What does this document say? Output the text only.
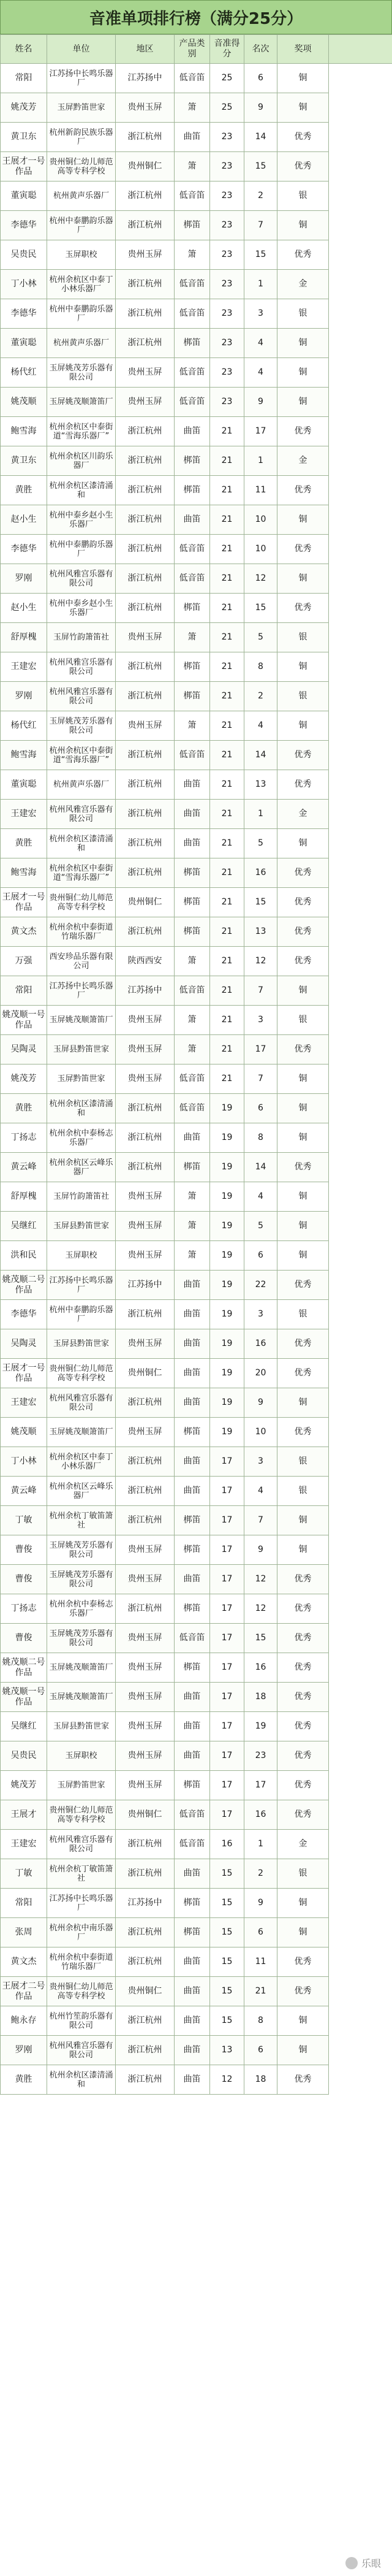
音准单项排行榜（满分25分）
姓名	单位	地区	产品类别	音准得分	名次	奖项	
常阳	江苏扬中长鸣乐器厂	江苏扬中	低音笛	25	6	铜	
姚茂芳	玉屏黔笛世家	贵州玉屏	箫	25	9	铜	
黄卫东	杭州新韵民族乐器厂	浙江杭州	曲笛	23	14	优秀	
王展才一号作品	贵州铜仁幼儿师范高等专科学校	贵州铜仁	箫	23	15	优秀	
董寅聪	杭州黄声乐器厂	浙江杭州	低音笛	23	2	银	
李德华	杭州中泰鹏韵乐器厂	浙江杭州	梆笛	23	7	铜	
吴贵民	玉屏职校	贵州玉屏	箫	23	15	优秀	
丁小林	杭州余杭区中泰丁小林乐器厂	浙江杭州	低音笛	23	1	金	
李德华	杭州中泰鹏韵乐器厂	浙江杭州	低音笛	23	3	银	
董寅聪	杭州黄声乐器厂	浙江杭州	梆笛	23	4	铜	
杨代红	玉屏姚茂芳乐器有限公司	贵州玉屏	低音笛	23	4	铜	
姚茂顺	玉屏姚茂顺箫笛厂	贵州玉屏	低音笛	23	9	铜	
鲍雪海	杭州余杭区中泰街道“雪海乐器厂”	浙江杭州	曲笛	21	17	优秀	
黄卫东	杭州余杭区川韵乐器厂	浙江杭州	梆笛	21	1	金	
黄胜	杭州余杭区漆清涌和	浙江杭州	梆笛	21	11	优秀	
赵小生	杭州中泰乡赵小生乐器厂	浙江杭州	曲笛	21	10	铜	
李德华	杭州中泰鹏韵乐器厂	浙江杭州	低音笛	21	10	优秀	
罗刚	杭州风雅宫乐器有限公司	浙江杭州	低音笛	21	12	铜	
赵小生	杭州中泰乡赵小生乐器厂	浙江杭州	梆笛	21	15	优秀	
舒厚槐	玉屏竹韵箫笛社	贵州玉屏	箫	21	5	银	
王建宏	杭州风雅宫乐器有限公司	浙江杭州	梆笛	21	8	铜	
罗刚	杭州风雅宫乐器有限公司	浙江杭州	梆笛	21	2	银	
杨代红	玉屏姚茂芳乐器有限公司	贵州玉屏	箫	21	4	铜	
鲍雪海	杭州余杭区中泰街道“雪海乐器厂”	浙江杭州	低音笛	21	14	优秀	
董寅聪	杭州黄声乐器厂	浙江杭州	曲笛	21	13	优秀	
王建宏	杭州风雅宫乐器有限公司	浙江杭州	曲笛	21	1	金	
黄胜	杭州余杭区漆清涌和	浙江杭州	曲笛	21	5	铜	
鲍雪海	杭州余杭区中泰街道“雪海乐器厂”	浙江杭州	梆笛	21	16	优秀	
王展才一号作品	贵州铜仁幼儿师范高等专科学校	贵州铜仁	梆笛	21	15	优秀	
黄文杰	杭州余杭中泰街道竹瑞乐器厂	浙江杭州	梆笛	21	13	优秀	
万强	西安珍品乐器有限公司	陕西西安	箫	21	12	优秀	
常阳	江苏扬中长鸣乐器厂	江苏扬中	低音笛	21	7	铜	
姚茂顺一号作品	玉屏姚茂顺箫笛厂	贵州玉屏	箫	21	3	银	
吴陶灵	玉屏县黔笛世家	贵州玉屏	箫	21	17	优秀	
姚茂芳	玉屏黔笛世家	贵州玉屏	低音笛	21	7	铜	
黄胜	杭州余杭区漆清涌和	浙江杭州	低音笛	19	6	铜	
丁扬志	杭州余杭中泰杨志乐器厂	浙江杭州	曲笛	19	8	铜	
黄云峰	杭州余杭区云峰乐器厂	浙江杭州	梆笛	19	14	优秀	
舒厚槐	玉屏竹韵箫笛社	贵州玉屏	箫	19	4	铜	
吴继红	玉屏县黔笛世家	贵州玉屏	箫	19	5	铜	
洪和民	玉屏职校	贵州玉屏	箫	19	6	铜	
姚茂顺二号作品	江苏扬中长鸣乐器厂	江苏扬中	曲笛	19	22	优秀	
李德华	杭州中泰鹏韵乐器厂	浙江杭州	曲笛	19	3	银	
吴陶灵	玉屏县黔笛世家	贵州玉屏	曲笛	19	16	优秀	
王展才一号作品	贵州铜仁幼儿师范高等专科学校	贵州铜仁	曲笛	19	20	优秀	
王建宏	杭州风雅宫乐器有限公司	浙江杭州	曲笛	19	9	铜	
姚茂顺	玉屏姚茂顺箫笛厂	贵州玉屏	梆笛	19	10	优秀	
丁小林	杭州余杭区中泰丁小林乐器厂	浙江杭州	曲笛	17	3	银	
黄云峰	杭州余杭区云峰乐器厂	浙江杭州	曲笛	17	4	银	
丁敏	杭州余杭丁敏笛箫社	浙江杭州	梆笛	17	7	铜	
曹俊	玉屏姚茂芳乐器有限公司	贵州玉屏	梆笛	17	9	铜	
曹俊	玉屏姚茂芳乐器有限公司	贵州玉屏	曲笛	17	12	优秀	
丁扬志	杭州余杭中泰杨志乐器厂	浙江杭州	梆笛	17	12	优秀	
曹俊	玉屏姚茂芳乐器有限公司	贵州玉屏	低音笛	17	15	优秀	
姚茂顺二号作品	玉屏姚茂顺箫笛厂	贵州玉屏	梆笛	17	16	优秀	
姚茂顺一号作品	玉屏姚茂顺箫笛厂	贵州玉屏	曲笛	17	18	优秀	
吴继红	玉屏县黔笛世家	贵州玉屏	曲笛	17	19	优秀	
吴贵民	玉屏职校	贵州玉屏	曲笛	17	23	优秀	
姚茂芳	玉屏黔笛世家	贵州玉屏	梆笛	17	17	优秀	
王展才	贵州铜仁幼儿师范高等专科学校	贵州铜仁	低音笛	17	16	优秀	
王建宏	杭州风雅宫乐器有限公司	浙江杭州	低音笛	16	1	金	
丁敏	杭州余杭丁敏笛箫社	浙江杭州	曲笛	15	2	银	
常阳	江苏扬中长鸣乐器厂	江苏扬中	梆笛	15	9	铜	
张周	杭州余杭中南乐器厂	浙江杭州	梆笛	15	6	铜	
黄文杰	杭州余杭中泰街道竹瑞乐器厂	浙江杭州	曲笛	15	11	优秀	
王展才二号作品	贵州铜仁幼儿师范高等专科学校	贵州铜仁	曲笛	15	21	优秀	
鲍永存	杭州竹笙韵乐器有限公司	浙江杭州	曲笛	15	8	铜	
罗刚	杭州风雅宫乐器有限公司	浙江杭州	曲笛	13	6	铜	
黄胜	杭州余杭区漆清涌和	浙江杭州	曲笛	12	18	优秀	
乐眼
